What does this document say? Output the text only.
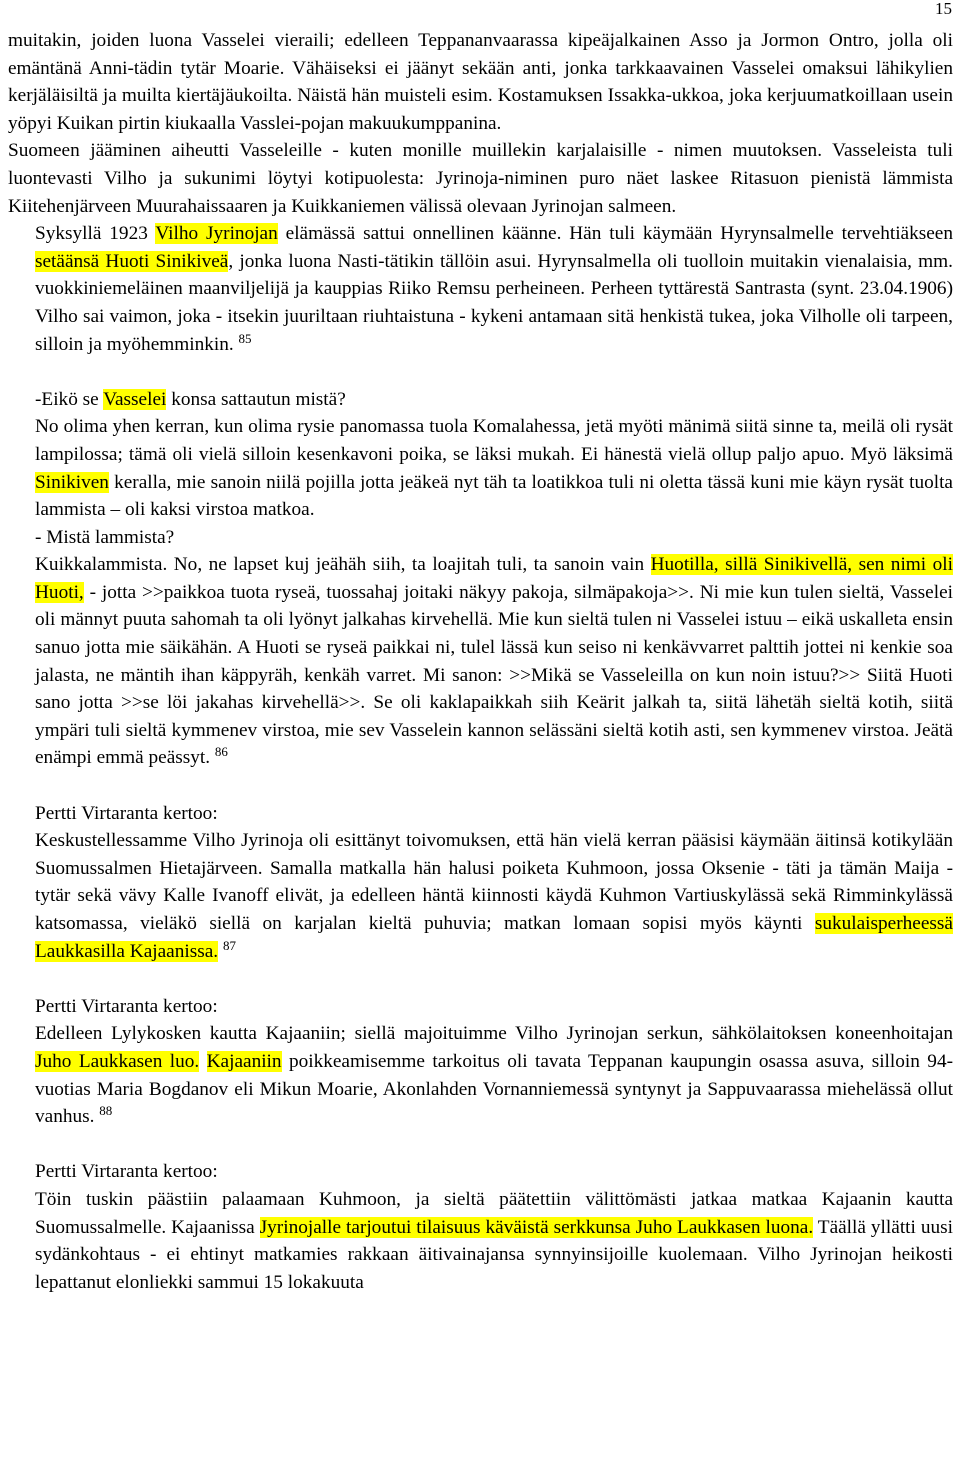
15

muitakin, joiden luona Vasselei vieraili; edelleen Teppananvaarassa kipeäjalkainen Asso ja Jormon Ontro, jolla oli emäntänä Anni-tädin tytär Moarie. Vähäiseksi ei jäänyt sekään anti, jonka tarkkaavainen Vasselei omaksui lähikylien kerjäläisiltä ja muilta kiertäjäukoilta. Näistä hän muisteli esim. Kostamuksen Issakka-ukkoa, joka kerjuumatkoillaan usein yöpyi Kuikan pirtin kiukaalla Vasslei-pojan makuukumppanina.

Suomeen jääminen aiheutti Vasseleille - kuten monille muillekin karjalaisille - nimen muutoksen. Vasseleista tuli luontevasti Vilho ja sukunimi löytyi kotipuolesta: Jyrinoja-niminen puro näet laskee Ritasuon pienistä lämmista Kiitehenjärveen Muurahaissaaren ja Kuikkaniemen välissä olevaan Jyrinojan salmeen.

Syksyllä 1923 Vilho Jyrinojan elämässä sattui onnellinen käänne. Hän tuli käymään Hyrynsalmelle tervehtiäkseen setäänsä Huoti Sinikiveä, jonka luona Nasti-tätikin tällöin asui. Hyrynsalmella oli tuolloin muitakin vienalaisia, mm. vuokkiniemeläinen maanviljelijä ja kauppias Riiko Remsu perheineen. Perheen tyttärestä Santrasta (synt. 23.04.1906) Vilho sai vaimon, joka - itsekin juuriltaan riuhtaistuna - kykeni antamaan sitä henkistä tukea, joka Vilholle oli tarpeen, silloin ja myöhemminkin. $^{85}$

-Eikö se Vasselei konsa sattautun mistä?

No olima yhen kerran, kun olima rysie panomassa tuola Komalahessa, jetä myöti mänimä siitä sinne ta, meilä oli rysät lampilossa; tämä oli vielä silloin kesenkavoni poika, se läksi mukah. Ei hänestä vielä ollup paljo apuo. Myö läksimä Sinikiven keralla, mie sanoin niilä pojilla jotta jeäkeä nyt täh ta loatikkoa tuli ni oletta tässä kuni mie käyn rysät tuolta lammista – oli kaksi virstoa matkoa.

- Mistä lammista?

Kuikkalammista. No, ne lapset kuj jeähäh siih, ta loajitah tuli, ta sanoin vain Huotilla, sillä Sinikivellä, sen nimi oli Huoti, - jotta >>paikkoa tuota ryseä, tuossahaj joitaki näkyy pakoja, silmäpakoja>>. Ni mie kun tulen sieltä, Vasselei oli männyt puuta sahomah ta oli lyönyt jalkahas kirvehellä. Mie kun sieltä tulen ni Vasselei istuu – eikä uskalleta ensin sanuo jotta mie säikähän. A Huoti se ryseä paikkai ni, tulel lässä kun seiso ni kenkävvarret palttih jottei ni kenkie soa jalasta, ne mäntih ihan käppyräh, kenkäh varret. Mi sanon: >>Mikä se Vasseleilla on kun noin istuu?>> Siitä Huoti sano jotta >>se löi jakahas kirvehellä>>. Se oli kaklapaikkah siih Keärit jalkah ta, siitä lähetäh sieltä kotih, siitä ympäri tuli sieltä kymmenev virstoa, mie sev Vasselein kannon selässäni sieltä kotih asti, sen kymmenev virstoa. Jeätä enämpi emmä peässyt. $^{86}$

Pertti Virtaranta kertoo:

Keskustellessamme Vilho Jyrinoja oli esittänyt toivomuksen, että hän vielä kerran pääsisi käymään äitinsä kotikylään Suomussalmen Hietajärveen. Samalla matkalla hän halusi poiketa Kuhmoon, jossa Oksenie - täti ja tämän Maija - tytär sekä vävy Kalle Ivanoff elivät, ja edelleen häntä kiinnosti käydä Kuhmon Vartiuskylässä sekä Rimminkylässä katsomassa, vieläkö siellä on karjalan kieltä puhuvia; matkan lomaan sopisi myös käynti sukulaisperheessä Laukkasilla Kajaanissa. $^{87}$

Pertti Virtaranta kertoo:

Edelleen Lylykosken kautta Kajaaniin; siellä majoituimme Vilho Jyrinojan serkun, sähkölaitoksen koneenhoitajan Juho Laukkasen luo. Kajaaniin poikkeamisemme tarkoitus oli tavata Teppanan kaupungin osassa asuva, silloin 94- vuotias Maria Bogdanov eli Mikun Moarie, Akonlahden Vornanniemessä syntynyt ja Sappuvaarassa miehelässä ollut vanhus. $^{88}$

Pertti Virtaranta kertoo:

Töin tuskin päästiin palaamaan Kuhmoon, ja sieltä päätettiin välittömästi jatkaa matkaa Kajaanin kautta Suomussalmelle. Kajaanissa Jyrinojalle tarjoutui tilaisuus käväistä serkkunsa Juho Laukkasen luona. Täällä yllätti uusi sydänkohtaus - ei ehtinyt matkamies rakkaan äitivainajansa synnyinsijoille kuolemaan. Vilho Jyrinojan heikosti lepattanut elonliekki sammui 15 lokakuuta
